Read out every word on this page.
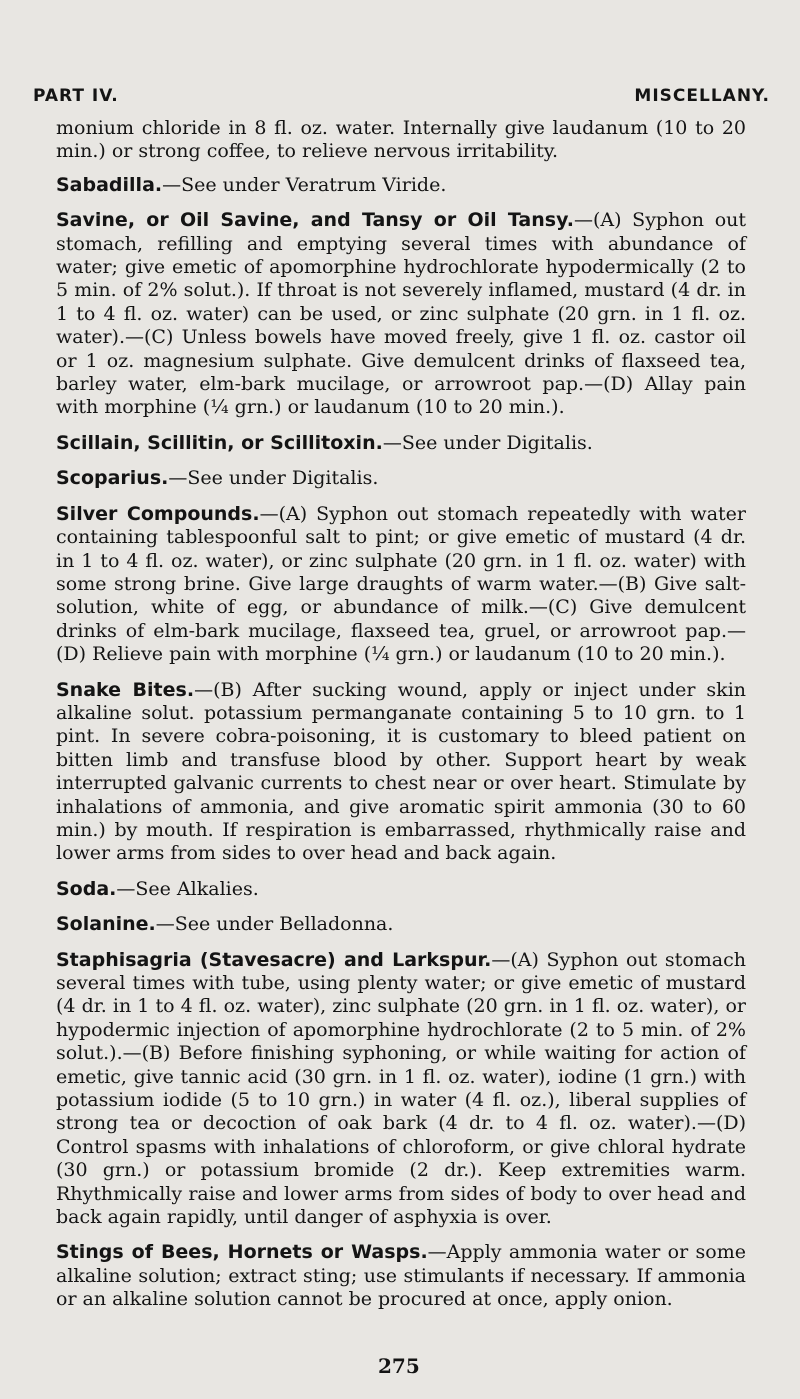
PART IV.	MISCELLANY.

monium chloride in 8 fl. oz. water. Internally give laudanum (10 to 20 min.) or strong coffee, to relieve nervous irritability.

Sabadilla.—See under Veratrum Viride.

Savine, or Oil Savine, and Tansy or Oil Tansy.—(A) Syphon out stomach, refilling and emptying several times with abundance of water; give emetic of apomorphine hydrochlorate hypodermically (2 to 5 min. of 2% solut.). If throat is not severely inflamed, mustard (4 dr. in 1 to 4 fl. oz. water) can be used, or zinc sulphate (20 grn. in 1 fl. oz. water).—(C) Unless bowels have moved freely, give 1 fl. oz. castor oil or 1 oz. magnesium sulphate. Give demulcent drinks of flaxseed tea, barley water, elm-bark mucilage, or arrowroot pap.—(D) Allay pain with morphine (¼ grn.) or laudanum (10 to 20 min.).

Scillain, Scillitin, or Scillitoxin.—See under Digitalis.

Scoparius.—See under Digitalis.

Silver Compounds.—(A) Syphon out stomach repeatedly with water containing tablespoonful salt to pint; or give emetic of mustard (4 dr. in 1 to 4 fl. oz. water), or zinc sulphate (20 grn. in 1 fl. oz. water) with some strong brine. Give large draughts of warm water.—(B) Give salt-solution, white of egg, or abundance of milk.—(C) Give demulcent drinks of elm-bark mucilage, flaxseed tea, gruel, or arrowroot pap.—(D) Relieve pain with morphine (¼ grn.) or laudanum (10 to 20 min.).

Snake Bites.—(B) After sucking wound, apply or inject under skin alkaline solut. potassium permanganate containing 5 to 10 grn. to 1 pint. In severe cobra-poisoning, it is customary to bleed patient on bitten limb and transfuse blood by other. Support heart by weak interrupted galvanic currents to chest near or over heart. Stimulate by inhalations of ammonia, and give aromatic spirit ammonia (30 to 60 min.) by mouth. If respiration is embarrassed, rhythmically raise and lower arms from sides to over head and back again.

Soda.—See Alkalies.

Solanine.—See under Belladonna.

Staphisagria (Stavesacre) and Larkspur.—(A) Syphon out stomach several times with tube, using plenty water; or give emetic of mustard (4 dr. in 1 to 4 fl. oz. water), zinc sulphate (20 grn. in 1 fl. oz. water), or hypodermic injection of apomorphine hydrochlorate (2 to 5 min. of 2% solut.).—(B) Before finishing syphoning, or while waiting for action of emetic, give tannic acid (30 grn. in 1 fl. oz. water), iodine (1 grn.) with potassium iodide (5 to 10 grn.) in water (4 fl. oz.), liberal supplies of strong tea or decoction of oak bark (4 dr. to 4 fl. oz. water).—(D) Control spasms with inhalations of chloroform, or give chloral hydrate (30 grn.) or potassium bromide (2 dr.). Keep extremities warm. Rhythmically raise and lower arms from sides of body to over head and back again rapidly, until danger of asphyxia is over.

Stings of Bees, Hornets or Wasps.—Apply ammonia water or some alkaline solution; extract sting; use stimulants if necessary. If ammonia or an alkaline solution cannot be procured at once, apply onion.

275
